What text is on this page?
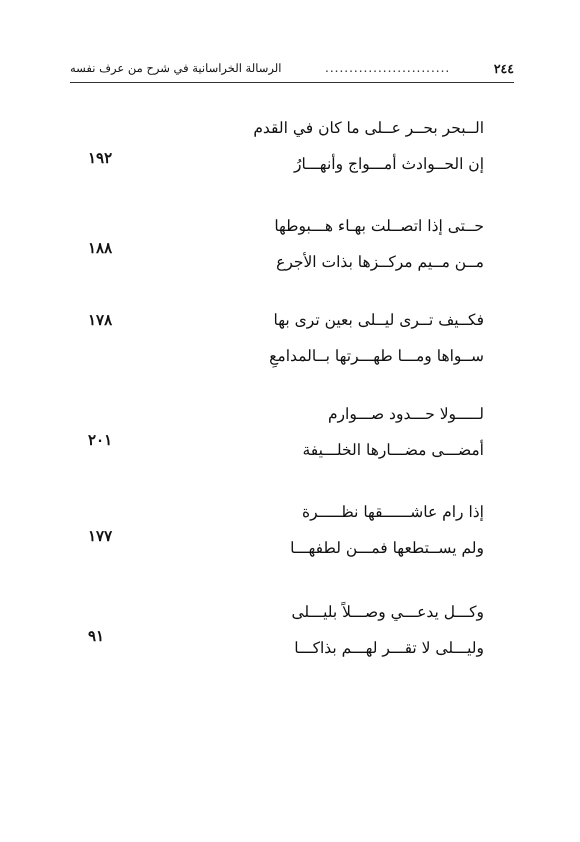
٢٤٤
..........................
الرسالة الخراسانية في شرح من عرف نفسه
الــبحر بحــر عــلى ما كان في القدم
إن الحــوادث أمـــواج وأنهـــارُ
١٩٢
حــتى إذا اتصــلت بهـاء هـــبوطها
مــن مــيم مركــزها بذات الأجرع
١٨٨
فكــيف تــرى ليــلى بعين ترى بها
ســواها ومـــا طهـــرتها بــالمدامعِ
١٧٨
لـــــولا حـــدود صـــوارم
أمضـــى مضـــارها الخلـــيفة
٢٠١
إذا رام عاشــــــقها نظـــــرة
ولم يســتطعها فمـــن لطفهـــا
١٧٧
وكـــل يدعـــي وصـــلاً بليـــلى
وليـــلى لا تقـــر لهـــم بذاكـــا
٩١
